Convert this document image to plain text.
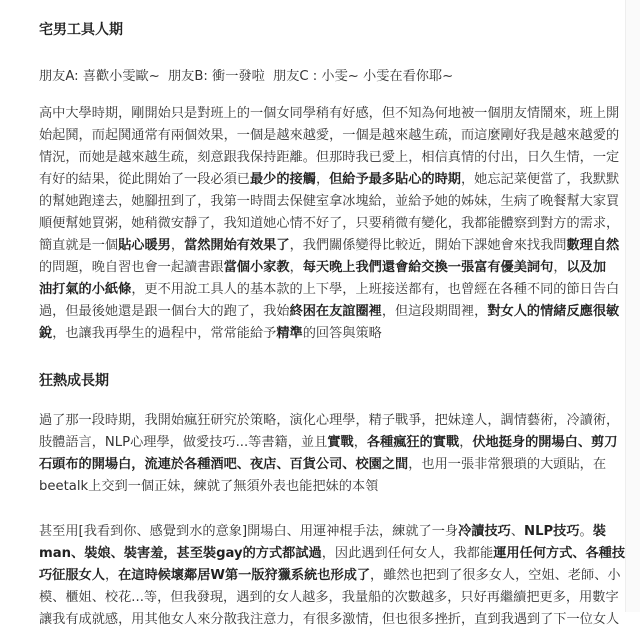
宅男工具人期

朋友A: 喜歡小雯歐~ 朋友B: 衝一發啦 朋友C : 小雯~ 小雯在看你耶~

高中大學時期，剛開始只是對班上的一個女同學稍有好感，但不知為何地被一個朋友情鬧來，班上開

始起鬨，而起鬨通常有兩個效果，一個是越來越愛，一個是越來越生疏，而這麼剛好我是越來越愛的

情況，而她是越來越生疏，刻意跟我保持距離。但那時我已愛上，相信真情的付出，日久生情，一定

有好的結果，從此開始了一段必須已最少的接觸，但給予最多貼心的時期，她忘記菜便當了，我默默

的幫她跑達去，她腳扭到了，我第一時間去保健室拿冰塊給，並給予她的姊妹，生病了晚餐幫大家買

順便幫她買粥，她稍微安靜了，我知道她心情不好了，只要稍微有變化，我都能體察到對方的需求，

簡直就是一個貼心暖男，當然開始有效果了，我們關係變得比較近，開始下課她會來找我問數理自然

的問題，晚自習也會一起讀書跟當個小家教，每天晚上我們還會給交換一張富有優美詞句，以及加

油打氣的小紙條，更不用說工具人的基本款的上下學，上班接送都有，也曾經在各種不同的節日告白

過，但最後她還是跟一個台大的跑了，我始終困在友誼圈裡，但這段期間裡，對女人的情緒反應很敏

銳，也讓我再學生的過程中，常常能給予精準的回答與策略

狂熱成長期

過了那一段時期，我開始瘋狂研究於策略，演化心理學，精子戰爭，把妹達人，調情藝術，冷讀術，

肢體語言，NLP心理學，做愛技巧...等書籍，並且實戰，各種瘋狂的實戰，伏地挺身的開場白、剪刀

石頭布的開場白，流連於各種酒吧、夜店、百貨公司、校園之間，也用一張非常猥瑣的大頭貼，在

beetalk上交到一個正妹，練就了無須外表也能把妹的本領

甚至用[我看到你、感覺到水的意象]開場白、用運神棍手法，練就了一身冷讀技巧、NLP技巧。裝

man、裝娘、裝害羞，甚至裝gay的方式都試過，因此遇到任何女人，我都能運用任何方式、各種技

巧征服女人，在這時候壞鄰居W第一版狩獵系統也形成了，雖然也把到了很多女人，空姐、老師、小

模、櫃姐、校花...等，但我發現，遇到的女人越多，我量船的次數越多，只好再繼續把更多，用數字

讓我有成就感，用其他女人來分散我注意力，有很多激情，但也很多挫折，直到我遇到了下一位女人
